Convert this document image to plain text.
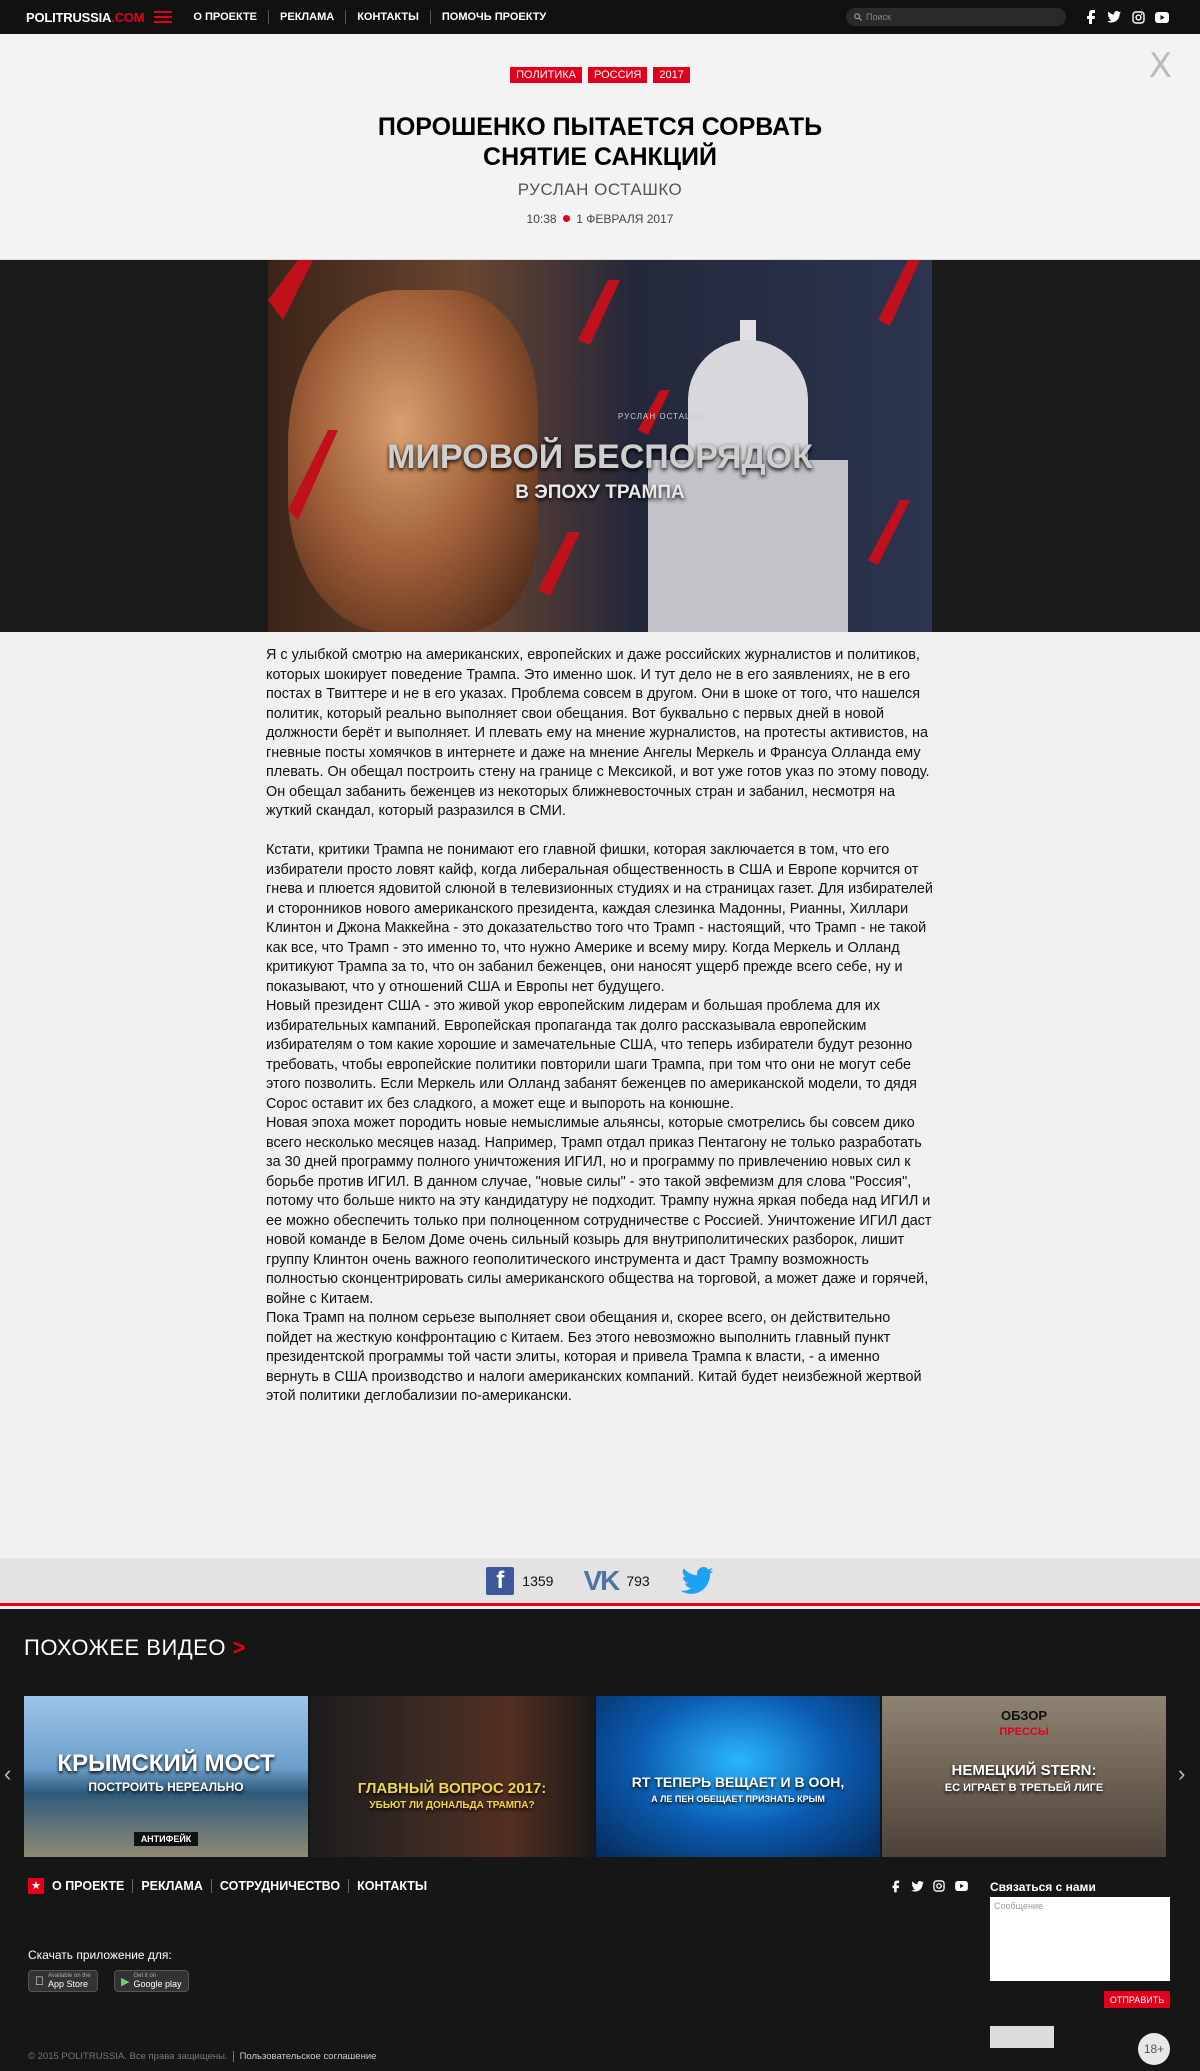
POLITRUSSIA.COM	О ПРОЕКТЕ	РЕКЛАМА	КОНТАКТЫ	ПОМОЧЬ ПРОЕКТУ
Поиск
ПОЛИТИКА	РОССИЯ	2017	X
ПОРОШЕНКО ПЫТАЕТСЯ СОРВАТЬ
СНЯТИЕ САНКЦИЙ
РУСЛАН ОСТАШКО
10:38 1 ФЕВРАЛЯ 2017
РУСЛАН ОСТАШКО
МИРОВОЙ БЕСПОРЯДОК
В ЭПОХУ ТРАМПА

Я с улыбкой смотрю на американских, европейских и даже российских журналистов и политиков, которых шокирует поведение Трампа. Это именно шок. И тут дело не в его заявлениях, не в его постах в Твиттере и не в его указах. Проблема совсем в другом. Они в шоке от того, что нашелся политик, который реально выполняет свои обещания. Вот буквально с первых дней в новой должности берёт и выполняет. И плевать ему на мнение журналистов, на протесты активистов, на гневные посты хомячков в интернете и даже на мнение Ангелы Меркель и Франсуа Олланда ему плевать. Он обещал построить стену на границе с Мексикой, и вот уже готов указ по этому поводу. Он обещал забанить беженцев из некоторых ближневосточных стран и забанил, несмотря на жуткий скандал, который разразился в СМИ.

Кстати, критики Трампа не понимают его главной фишки, которая заключается в том, что его избиратели просто ловят кайф, когда либеральная общественность в США и Европе корчится от гнева и плюется ядовитой слюной в телевизионных студиях и на страницах газет. Для избирателей и сторонников нового американского президента, каждая слезинка Мадонны, Рианны, Хиллари Клинтон и Джона Маккейна - это доказательство того что Трамп - настоящий, что Трамп - не такой как все, что Трамп - это именно то, что нужно Америке и всему миру. Когда Меркель и Олланд критикуют Трампа за то, что он забанил беженцев, они наносят ущерб прежде всего себе, ну и показывают, что у отношений США и Европы нет будущего.

Новый президент США - это живой укор европейским лидерам и большая проблема для их избирательных кампаний. Европейская пропаганда так долго рассказывала европейским избирателям о том какие хорошие и замечательные США, что теперь избиратели будут резонно требовать, чтобы европейские политики повторили шаги Трампа, при том что они не могут себе этого позволить. Если Меркель или Олланд забанят беженцев по американской модели, то дядя Сорос оставит их без сладкого, а может еще и выпороть на конюшне.

Новая эпоха может породить новые немыслимые альянсы, которые смотрелись бы совсем дико всего несколько месяцев назад. Например, Трамп отдал приказ Пентагону не только разработать за 30 дней программу полного уничтожения ИГИЛ, но и программу по привлечению новых сил к борьбе против ИГИЛ. В данном случае, "новые силы" - это такой эвфемизм для слова "Россия", потому что больше никто на эту кандидатуру не подходит. Трампу нужна яркая победа над ИГИЛ и ее можно обеспечить только при полноценном сотрудничестве с Россией. Уничтожение ИГИЛ даст новой команде в Белом Доме очень сильный козырь для внутриполитических разборок, лишит группу Клинтон очень важного геополитического инструмента и даст Трампу возможность полностью сконцентрировать силы американского общества на торговой, а может даже и горячей, войне с Китаем.

Пока Трамп на полном серьезе выполняет свои обещания и, скорее всего, он действительно пойдет на жесткую конфронтацию с Китаем. Без этого невозможно выполнить главный пункт президентской программы той части элиты, которая и привела Трампа к власти, - а именно вернуть в США производство и налоги американских компаний. Китай будет неизбежной жертвой этой политики деглобализии по-американски.

f	1359 VK 793
ПОХОЖЕЕ ВИДЕО >
КРЫМСКИЙ МОСТ
ПОСТРОИТЬ НЕРЕАЛЬНО
АНТИФЕЙК
ГЛАВНЫЙ ВОПРОС 2017:
УБЬЮТ ЛИ ДОНАЛЬДА ТРАМПА?
RT ТЕПЕРЬ ВЕЩАЕТ И В ООН,
А ЛЕ ПЕН ОБЕЩАЕТ ПРИЗНАТЬ КРЫМ
ОБЗОР
ПРЕССЫ
НЕМЕЦКИЙ STERN:
ЕС ИГРАЕТ В ТРЕТЬЕЙ ЛИГЕ
‹	›
★ О ПРОЕКТЕ	РЕКЛАМА	СОТРУДНИЧЕСТВО	КОНТАКТЫ	Связаться с нами
Сообщение
ОТПРАВИТЬ
Скачать приложение для:
Available on the
App Store	▶ Get it on
Google play
18+
© 2015 POLITRUSSIA. Все права защищены. Пользовательское соглашение
